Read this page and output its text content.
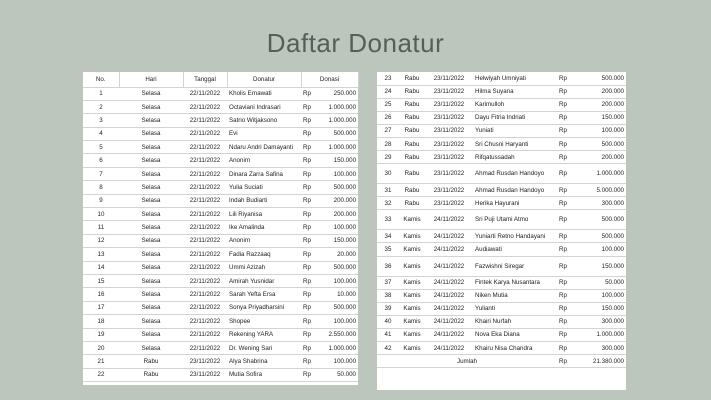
Daftar Donatur
No.	Hari	Tanggal	Donatur	Donasi	
1	Selasa	22/11/2022	Kholis Ernawati	Rp	250.000
2	Selasa	22/11/2022	Octaviani Indrasari	Rp	1.000.000
3	Selasa	22/11/2022	Satrio Witjaksono	Rp	1.000.000
4	Selasa	22/11/2022	Evi	Rp	500.000
5	Selasa	22/11/2022	Ndaru Andri Damayanti	Rp	1.000.000
6	Selasa	22/11/2022	Anonim	Rp	150.000
7	Selasa	22/11/2022	Dinara Zarra Safina	Rp	100.000
8	Selasa	22/11/2022	Yulia Suciati	Rp	500.000
9	Selasa	22/11/2022	Indah Budiarti	Rp	200.000
10	Selasa	22/11/2022	Lili Riyanisa	Rp	200.000
11	Selasa	22/11/2022	Ike Amalinda	Rp	100.000
12	Selasa	22/11/2022	Anonim	Rp	150.000
13	Selasa	22/11/2022	Fadia Razzaaq	Rp	20.000
14	Selasa	22/11/2022	Ummi Azizah	Rp	500.000
15	Selasa	22/11/2022	Amirah Yusnidar	Rp	100.000
16	Selasa	22/11/2022	Sarah Yefta Ersa	Rp	10.000
17	Selasa	22/11/2022	Sonya Priyadharsini	Rp	500.000
18	Selasa	22/11/2022	Shopee	Rp	100.000
19	Selasa	22/11/2022	Rekening YARA	Rp	2.550.000
20	Selasa	22/11/2022	Dr. Wening Sari	Rp	1.000.000
21	Rabu	23/11/2022	Alya Shabrina	Rp	100.000
22	Rabu	23/11/2022	Mutia Sofira	Rp	50.000
23	Rabu	23/11/2022	Helwiyah Umniyati	Rp	500.000
24	Rabu	23/11/2022	Hilma Suyana	Rp	200.000
25	Rabu	23/11/2022	Karimulloh	Rp	200.000
26	Rabu	23/11/2022	Dayu Fitria Indriati	Rp	150.000
27	Rabu	23/11/2022	Yuniati	Rp	100.000
28	Rabu	23/11/2022	Sri Chusni Haryanti	Rp	500.000
29	Rabu	23/11/2022	Rifqatussadah	Rp	200.000
30	Rabu	23/11/2022	Ahmad Rusdan Handoyo	Rp	1.000.000
31	Rabu	23/11/2022	Ahmad Rusdan Handoyo	Rp	5.000.000
32	Rabu	23/11/2022	Herika Hayurani	Rp	300.000
33	Kamis	24/11/2022	Sri Puji Utami Atmo	Rp	500.000
34	Kamis	24/11/2022	Yuniarti Retno Handayani	Rp	500.000
35	Kamis	24/11/2022	Audiawati	Rp	100.000
36	Kamis	24/11/2022	Fazwishni Siregar	Rp	150.000
37	Kamis	24/11/2022	Fintek Karya Nusantara	Rp	50.000
38	Kamis	24/11/2022	Niken Mutia	Rp	100.000
39	Kamis	24/11/2022	Yulianti	Rp	150.000
40	Kamis	24/11/2022	Khairi Nurfah	Rp	300.000
41	Kamis	24/11/2022	Nova Eka Diana	Rp	1.000.000
42	Kamis	24/11/2022	Khairu Nisa Chandra	Rp	300.000
Jumlah				Rp	21.380.000
